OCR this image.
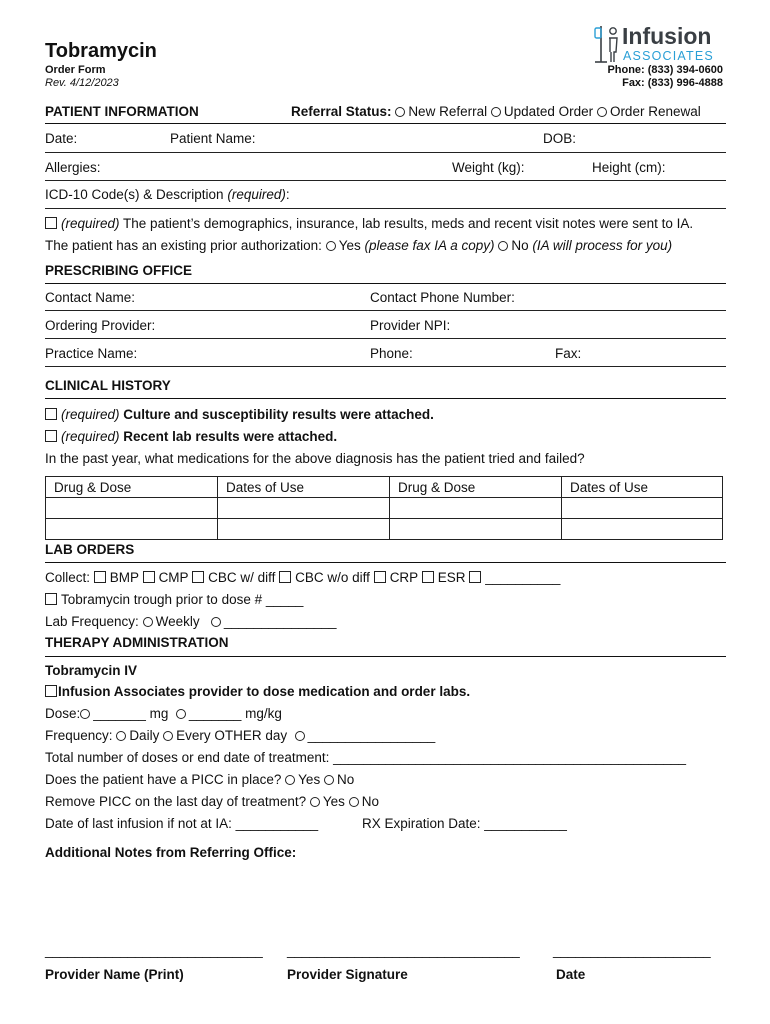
Tobramycin
Order Form
Rev. 4/12/2023
Infusion
ASSOCIATES
Phone: (833) 394-0600
Fax: (833) 996-4888
PATIENT INFORMATION	Referral Status: New Referral Updated Order Order Renewal
Date:	Patient Name:	DOB:
Allergies:	Weight (kg):	Height (cm):
ICD-10 Code(s) & Description (required):
(required) The patient’s demographics, insurance, lab results, meds and recent visit notes were sent to IA.
The patient has an existing prior authorization: Yes (please fax IA a copy) No (IA will process for you)
PRESCRIBING OFFICE
Contact Name:	Contact Phone Number:
Ordering Provider:	Provider NPI:
Practice Name:	Phone:	Fax:
CLINICAL HISTORY
(required) Culture and susceptibility results were attached.
(required) Recent lab results were attached.
In the past year, what medications for the above diagnosis has the patient tried and failed?
Drug & Dose	Dates of Use	Drug & Dose	Dates of Use

LAB ORDERS
Collect: BMP CMP CBC w/ diff CBC w/o diff CRP ESR __________
Tobramycin trough prior to dose # _____
Lab Frequency: Weekly _______________
THERAPY ADMINISTRATION
Tobramycin IV
Infusion Associates provider to dose medication and order labs.
Dose: _______ mg _______ mg/kg
Frequency: Daily Every OTHER day _________________
Total number of doses or end date of treatment: _______________________________________________
Does the patient have a PICC in place? Yes No
Remove PICC on the last day of treatment? Yes No
Date of last infusion if not at IA: ___________	RX Expiration Date: ___________
Additional Notes from Referring Office:
_____________________________ _______________________________ _____________________
Provider Name (Print)	Provider Signature	Date
